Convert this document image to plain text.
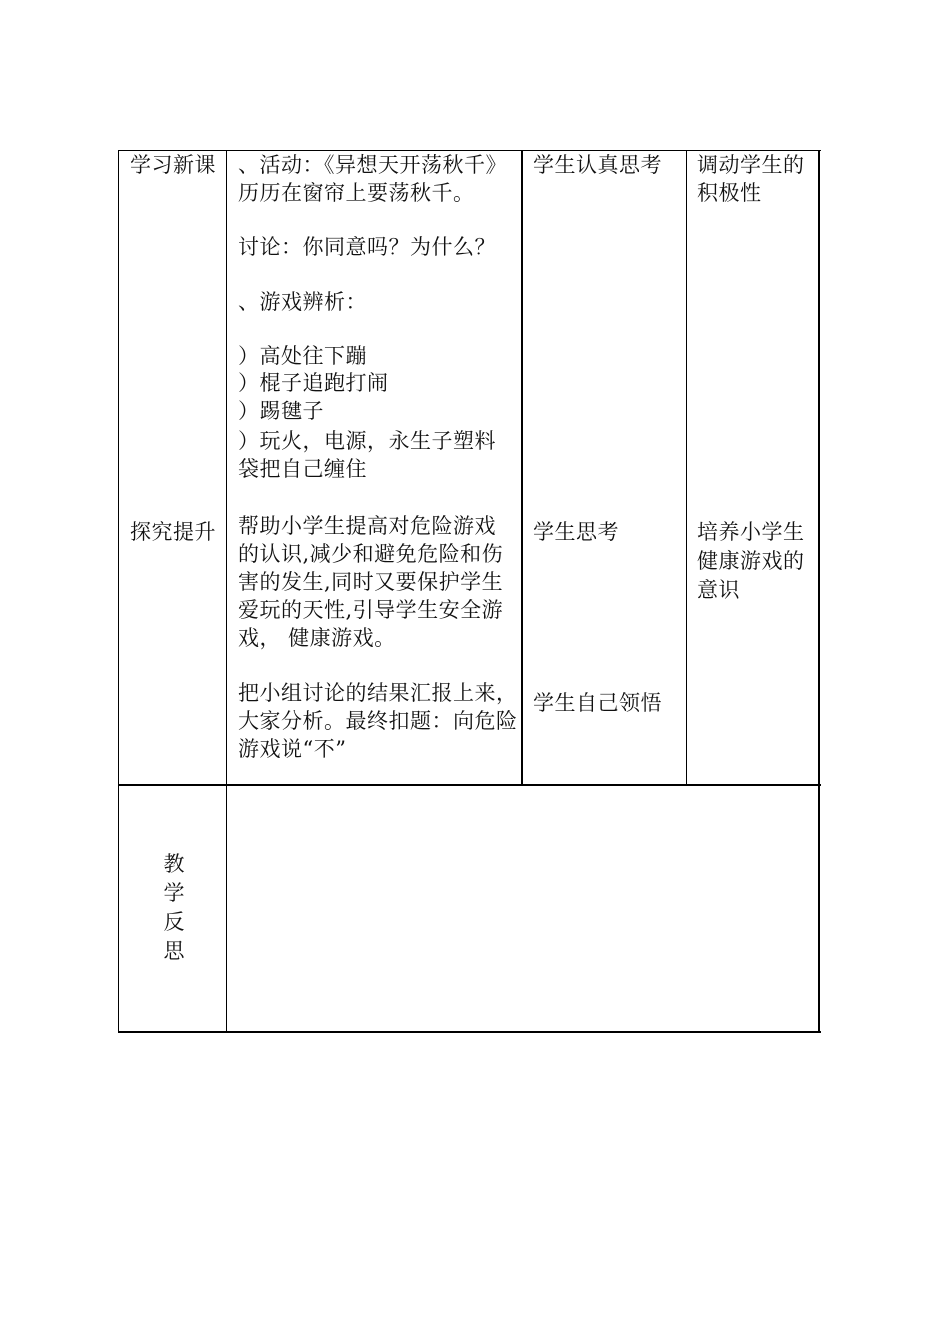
学习新课
探究提升
、活动：《异想天开荡秋千》
历历在窗帘上要荡秋千。
讨论：你同意吗？为什么？
、游戏辨析：
）高处往下蹦
）棍子追跑打闹
）踢毽子
）玩火，电源，永生子塑料
袋把自己缠住
帮助小学生提高对危险游戏
的认识,减少和避免危险和伤
害的发生,同时又要保护学生
爱玩的天性,引导学生安全游
戏， 健康游戏。
把小组讨论的结果汇报上来，
大家分析。最终扣题：向危险
游戏说“不”
学生认真思考
学生思考
学生自己领悟
调动学生的
积极性
培养小学生
健康游戏的
意识
教
学
反
思
